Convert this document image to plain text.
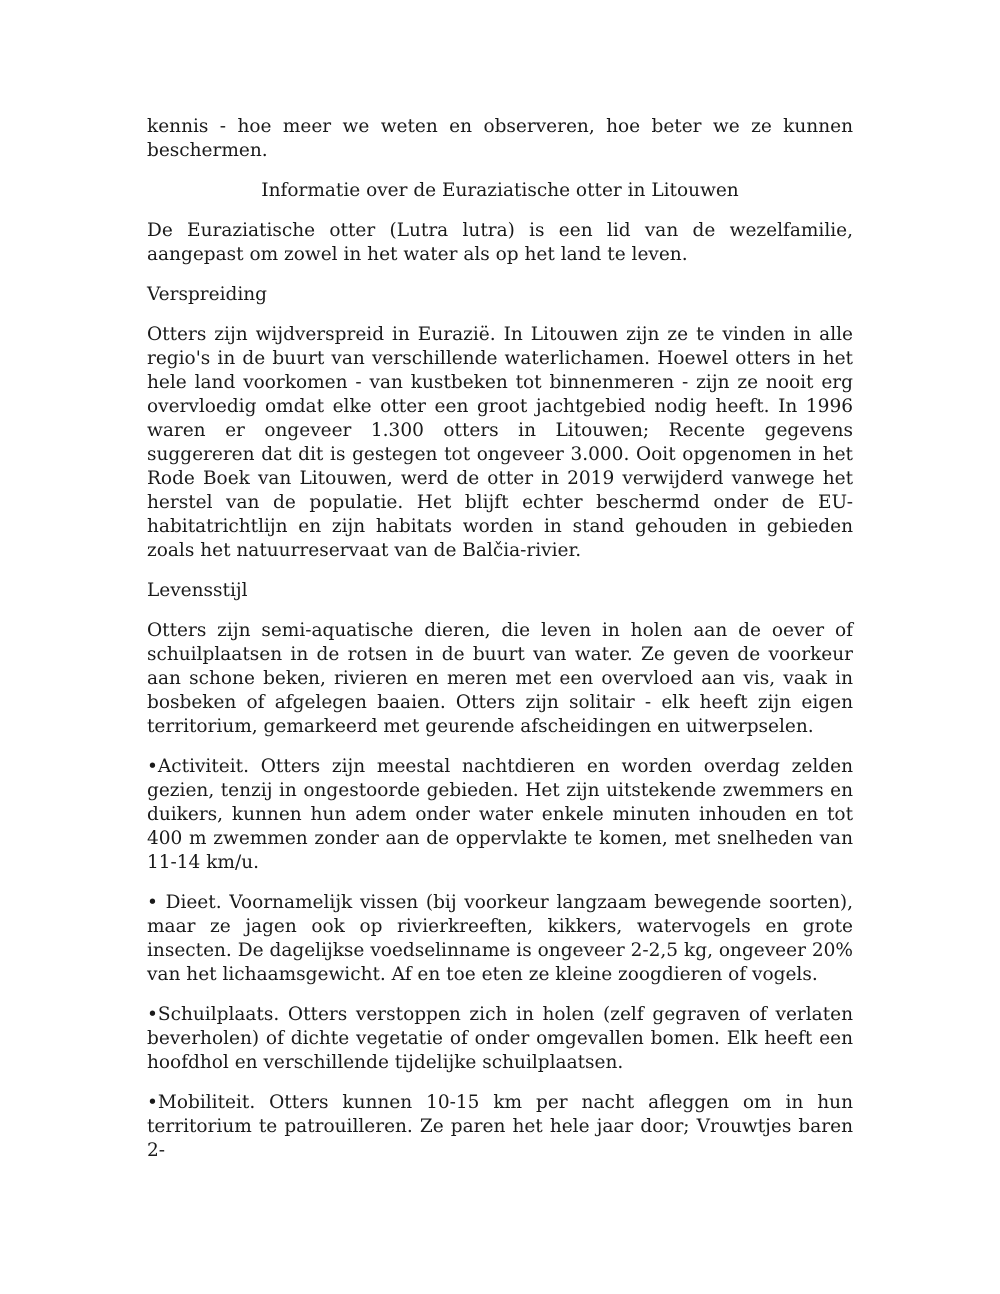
kennis - hoe meer we weten en observeren, hoe beter we ze kunnen beschermen.

Informatie over de Euraziatische otter in Litouwen

De Euraziatische otter (Lutra lutra) is een lid van de wezelfamilie, aangepast om zowel in het water als op het land te leven.

Verspreiding

Otters zijn wijdverspreid in Eurazië. In Litouwen zijn ze te vinden in alle regio's in de buurt van verschillende waterlichamen. Hoewel otters in het hele land voorkomen - van kustbeken tot binnenmeren - zijn ze nooit erg overvloedig omdat elke otter een groot jachtgebied nodig heeft. In 1996 waren er ongeveer 1.300 otters in Litouwen; Recente gegevens suggereren dat dit is gestegen tot ongeveer 3.000. Ooit opgenomen in het Rode Boek van Litouwen, werd de otter in 2019 verwijderd vanwege het herstel van de populatie. Het blijft echter beschermd onder de EU-habitatrichtlijn en zijn habitats worden in stand gehouden in gebieden zoals het natuurreservaat van de Balčia-rivier.

Levensstijl

Otters zijn semi-aquatische dieren, die leven in holen aan de oever of schuilplaatsen in de rotsen in de buurt van water. Ze geven de voorkeur aan schone beken, rivieren en meren met een overvloed aan vis, vaak in bosbeken of afgelegen baaien. Otters zijn solitair - elk heeft zijn eigen territorium, gemarkeerd met geurende afscheidingen en uitwerpselen.

•Activiteit. Otters zijn meestal nachtdieren en worden overdag zelden gezien, tenzij in ongestoorde gebieden. Het zijn uitstekende zwemmers en duikers, kunnen hun adem onder water enkele minuten inhouden en tot 400 m zwemmen zonder aan de oppervlakte te komen, met snelheden van 11-14 km/u.

• Dieet. Voornamelijk vissen (bij voorkeur langzaam bewegende soorten), maar ze jagen ook op rivierkreeften, kikkers, watervogels en grote insecten. De dagelijkse voedselinname is ongeveer 2-2,5 kg, ongeveer 20% van het lichaamsgewicht. Af en toe eten ze kleine zoogdieren of vogels.

•Schuilplaats. Otters verstoppen zich in holen (zelf gegraven of verlaten beverholen) of dichte vegetatie of onder omgevallen bomen. Elk heeft een hoofdhol en verschillende tijdelijke schuilplaatsen.

•Mobiliteit. Otters kunnen 10-15 km per nacht afleggen om in hun territorium te patrouilleren. Ze paren het hele jaar door; Vrouwtjes baren 2-
